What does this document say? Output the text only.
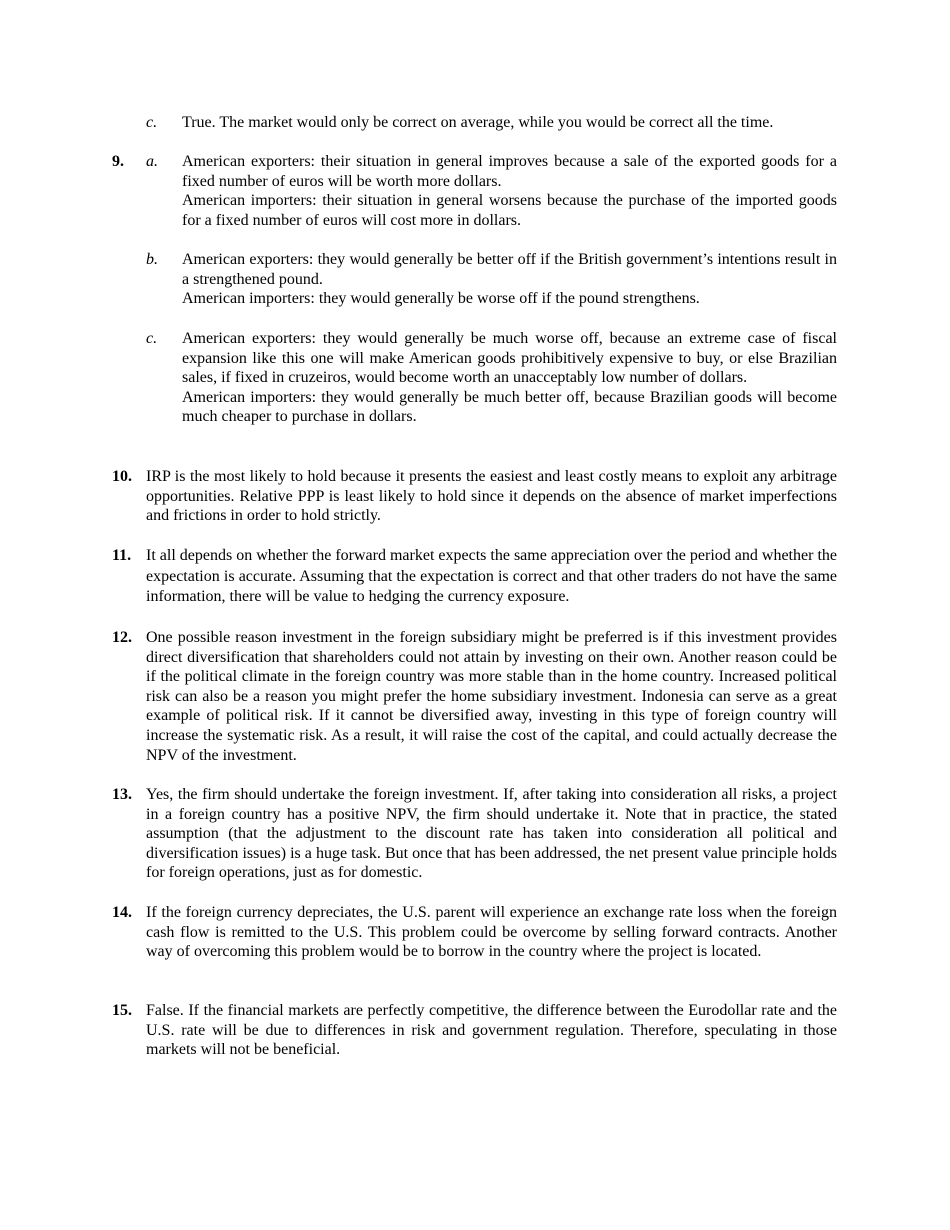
c. True. The market would only be correct on average, while you would be correct all the time.

9. a. American exporters: their situation in general improves because a sale of the exported goods for a fixed number of euros will be worth more dollars.

American importers: their situation in general worsens because the purchase of the imported goods for a fixed number of euros will cost more in dollars.

b. American exporters: they would generally be better off if the British government’s intentions result in a strengthened pound.

American importers: they would generally be worse off if the pound strengthens.

c. American exporters: they would generally be much worse off, because an extreme case of fiscal expansion like this one will make American goods prohibitively expensive to buy, or else Brazilian sales, if fixed in cruzeiros, would become worth an unacceptably low number of dollars.

American importers: they would generally be much better off, because Brazilian goods will become much cheaper to purchase in dollars.

10. IRP is the most likely to hold because it presents the easiest and least costly means to exploit any arbitrage opportunities. Relative PPP is least likely to hold since it depends on the absence of market imperfections and frictions in order to hold strictly.

11. It all depends on whether the forward market expects the same appreciation over the period and whether the expectation is accurate. Assuming that the expectation is correct and that other traders do not have the same information, there will be value to hedging the currency exposure.

12. One possible reason investment in the foreign subsidiary might be preferred is if this investment provides direct diversification that shareholders could not attain by investing on their own. Another reason could be if the political climate in the foreign country was more stable than in the home country. Increased political risk can also be a reason you might prefer the home subsidiary investment. Indonesia can serve as a great example of political risk. If it cannot be diversified away, investing in this type of foreign country will increase the systematic risk. As a result, it will raise the cost of the capital, and could actually decrease the NPV of the investment.

13. Yes, the firm should undertake the foreign investment. If, after taking into consideration all risks, a project in a foreign country has a positive NPV, the firm should undertake it. Note that in practice, the stated assumption (that the adjustment to the discount rate has taken into consideration all political and diversification issues) is a huge task. But once that has been addressed, the net present value principle holds for foreign operations, just as for domestic.

14. If the foreign currency depreciates, the U.S. parent will experience an exchange rate loss when the foreign cash flow is remitted to the U.S. This problem could be overcome by selling forward contracts. Another way of overcoming this problem would be to borrow in the country where the project is located.

15. False. If the financial markets are perfectly competitive, the difference between the Eurodollar rate and the U.S. rate will be due to differences in risk and government regulation. Therefore, speculating in those markets will not be beneficial.
